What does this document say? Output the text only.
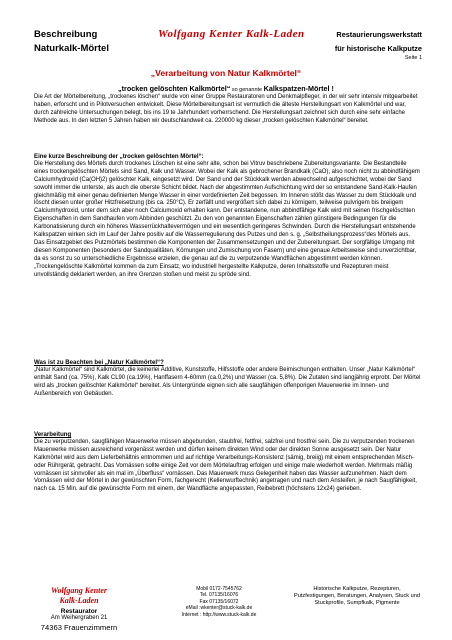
Beschreibung
Naturkalk-Mörtel
Wolfgang Kenter Kalk-Laden	Restaurierungswerkstatt
für historische Kalkputze
Seite 1
„Verarbeitung von Natur Kalkmörtel“
„trocken gelöschten Kalkmörtel“ so genannte Kalkspatzen-Mörtel !

Die Art der Mörtelbereitung, „trockenes löschen“ wurde von einer Gruppe Restauratoren und Denkmalpfleger, in der wir sehr intensiv mitgearbeitet haben, erforscht und in Pilotversuchen entwickelt. Diese Mörtelbereitungsart ist vermutlich die älteste Herstellungsart von Kalkmörtel und war, durch zahlreiche Untersuchungen belegt, bis ins 19 te Jahrhundert vorherrschend. Die Herstellungsart zeichnet sich durch eine sehr einfache Methode aus. In den letzten 5 Jahren haben wir deutschlandweit ca. 220000 kg dieser „trocken gelöschten Kalkmörtel“ bereitet.

Eine kurze Beschreibung der „trocken gelöschten Mörtel“:

Die Herstellung des Mörtels durch trockenes Löschen ist eine sehr alte, schon bei Vitruv beschriebene Zubereitungsvariante. Die Bestandteile eines trockengelöschten Mörtels sind Sand, Kalk und Wasser. Wobei der Kalk als gebrochener Brandkalk (CaO), also noch nicht zu abbindfähigem Calciumhydroxid (Ca(OH)2) gelöschter Kalk, eingesetzt wird. Der Sand und der Stückkalk werden abwechselnd aufgeschichtet, wobei der Sand sowohl immer die unterste, als auch die oberste Schicht bildet. Nach der abgestimmten Aufschichtung wird der so entstandene Sand-Kalk-Haufen gleichmäßig mit einer genau definierten Menge Wasser in einer vordefinierten Zeit begossen. Im Inneren stößt das Wasser zu dem Stückkalk und löscht diesen unter großer Hitzfreisetzung (bis ca. 250°C). Er zerfällt und vergrößert sich dabei zu körnigem, teilweise pulvrigem bis breiigem Calciumhydroxid, unter dem sich aber noch Calciumoxid erhalten kann. Der entstandene, nun abbindfähige Kalk wird mit seinen frischgelöschten Eigenschaften in dem Sandhaufen vom Abbinden geschützt. Zu den von genannten Eigenschaften zählen günstigere Bedingungen für die Karbonatisierung durch ein höheres Wasserrückhaltevermögen und ein wesentlich geringeres Schwinden. Durch die Herstellungsart entstehende Kalkspatzen wirken sich im Lauf der Jahre positiv auf die Wasserregulierung des Putzes und den s. g. „Selbstheilungsprozess“des Mörtels aus. Das Einsatzgebiet des Putzmörtels bestimmen die Komponenten der Zusammensetzungen und der Zubereitungsart. Der sorgfältige Umgang mit diesen Komponenten (besonders der Sandqualitäten, Körnungen und Zumischung von Fasern) und eine genaue Arbeitsweise sind unverzichtbar, da es sonst zu so unterschiedliche Ergebnisse erzielen, die genau auf die zu verputzende Wandflächen abgestimmt werden können. „Trockengelöschte Kalkmörtel kommen da zum Einsatz, wo industriell hergestellte Kalkputze, deren Inhaltsstoffe und Rezepturen meist unvollständig deklariert werden, an ihre Grenzen stoßen und meist zu spröde sind.

Was ist zu Beachten bei „Natur Kalkmörtel“?

„Natur Kalkmörtel“ sind Kalkmörtel, die keinerlei Additive, Kunststoffe, Hilfsstoffe oder andere Beimischungen enthalten. Unser „Natur Kalkmörtel“ enthält Sand (ca. 75%), Kalk CL90 (ca.19%), Hanffasern 4-60mm (ca.0,2%) und Wasser (ca. 5,8%). Die Zutaten sind langjährig erprobt. Der Mörtel wird als „trocken gelöschter Kalkmörtel“ bereitet. Als Untergründe eignen sich alle saugfähigen offenporigen Mauerwerke im Innen- und Außenbereich von Gebäuden.

Verarbeitung

Die zu verputzenden, saugfähigen Mauerwerke müssen abgebunden, staubfrei, fettfrei, salzfrei und frostfrei sein. Die zu verputzenden trockenen Mauerwerke müssen ausreichend vorgenässt werden und dürfen keinem direkten Wind oder der direkten Sonne ausgesetzt sein. Der Natur Kalkmörtel wird aus dem Lieferbehältnis entnommen und auf richtige Verarbeitungs-Konsistenz (sämig, breiig) mit einem entsprechenden Misch- oder Rührgerät, gebracht. Das Vornässen sollte einige Zeit vor dem Mörtelauftrag erfolgen und einige male wiederholt werden. Mehrmals mäßig vornässen ist sinnvoller als ein mal im „Überfluss“ vornässen. Das Mauerwerk muss Gelegenheit haben das Wasser aufzunehmen. Nach dem Vornässen wird der Mörtel in der gewünschten Form, fachgerecht (Kellenwurftechnik) angetragen und nach dem Ansteifen, je nach Saugfähigkeit, nach ca. 15 Min. auf die gewünschte Form mit einem, der Wandfläche angepassten, Reibebrett (höchstens 12x24) gerieben.

Wolfgang Kenter
Kalk-Laden
Restaurator
Am Weihergraben 21
74363 Frauenzimmern
Mobil 0172-7545762
Tel. 07135/16076
Fax 07135/16072
eMail :wkenter@stuck-kalk.de
Internet : http://www.stuck-kalk.de
Historische Kalkputze, Rezepturen, Putzfestigungen, Beratungen, Analysen, Stuck und Stuckprofile, Sumpfkalk, Pigmente
